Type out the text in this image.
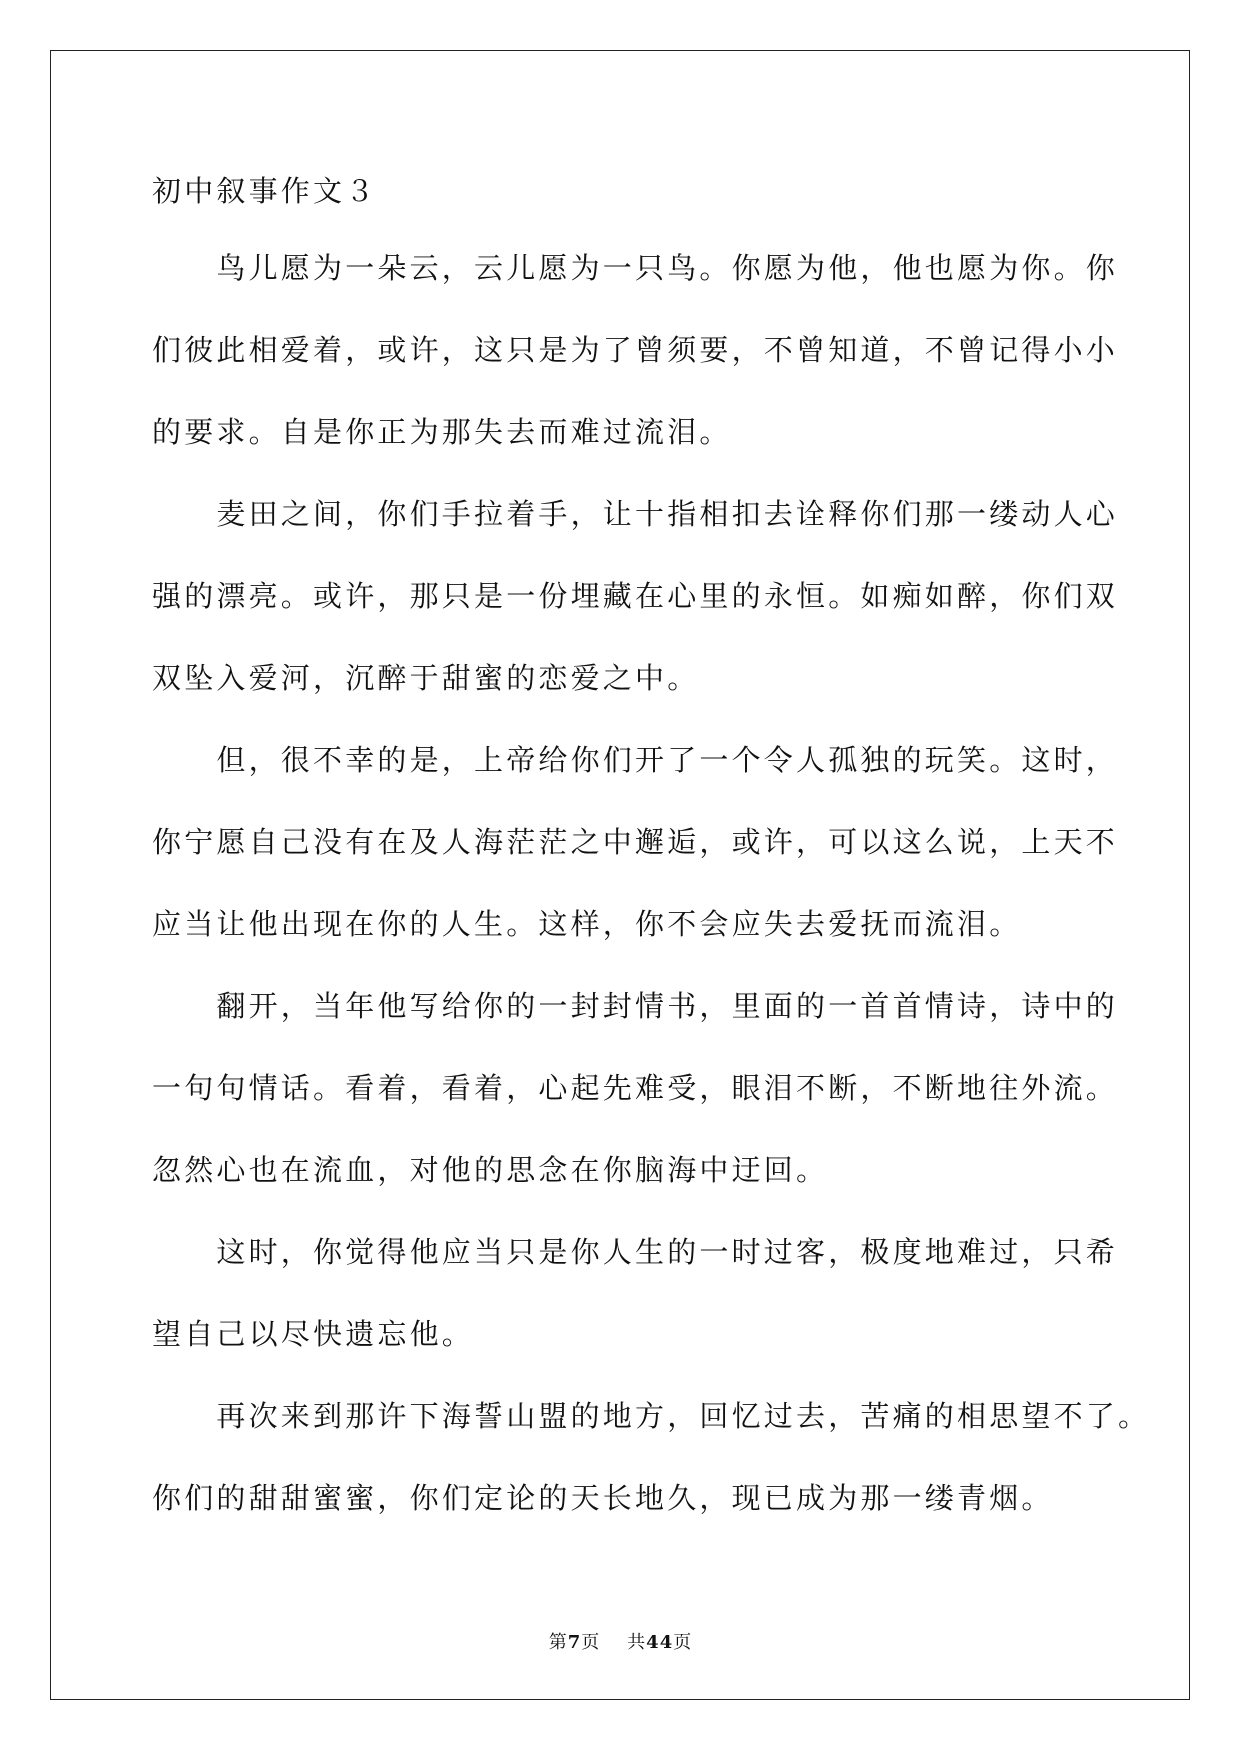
初中叙事作文３
　　鸟儿愿为一朵云，云儿愿为一只鸟。你愿为他，他也愿为你。你
们彼此相爱着，或许，这只是为了曾须要，不曾知道，不曾记得小小
的要求。自是你正为那失去而难过流泪。
　　麦田之间，你们手拉着手，让十指相扣去诠释你们那一缕动人心
强的漂亮。或许，那只是一份埋藏在心里的永恒。如痴如醉，你们双
双坠入爱河，沉醉于甜蜜的恋爱之中。
　　但，很不幸的是，上帝给你们开了一个令人孤独的玩笑。这时，
你宁愿自己没有在及人海茫茫之中邂逅，或许，可以这么说，上天不
应当让他出现在你的人生。这样，你不会应失去爱抚而流泪。
　　翻开，当年他写给你的一封封情书，里面的一首首情诗，诗中的
一句句情话。看着，看着，心起先难受，眼泪不断，不断地往外流。
忽然心也在流血，对他的思念在你脑海中迂回。
　　这时，你觉得他应当只是你人生的一时过客，极度地难过，只希
望自己以尽快遗忘他。
　　再次来到那许下海誓山盟的地方，回忆过去，苦痛的相思望不了。
你们的甜甜蜜蜜，你们定论的天长地久，现已成为那一缕青烟。
第7页 共44页
